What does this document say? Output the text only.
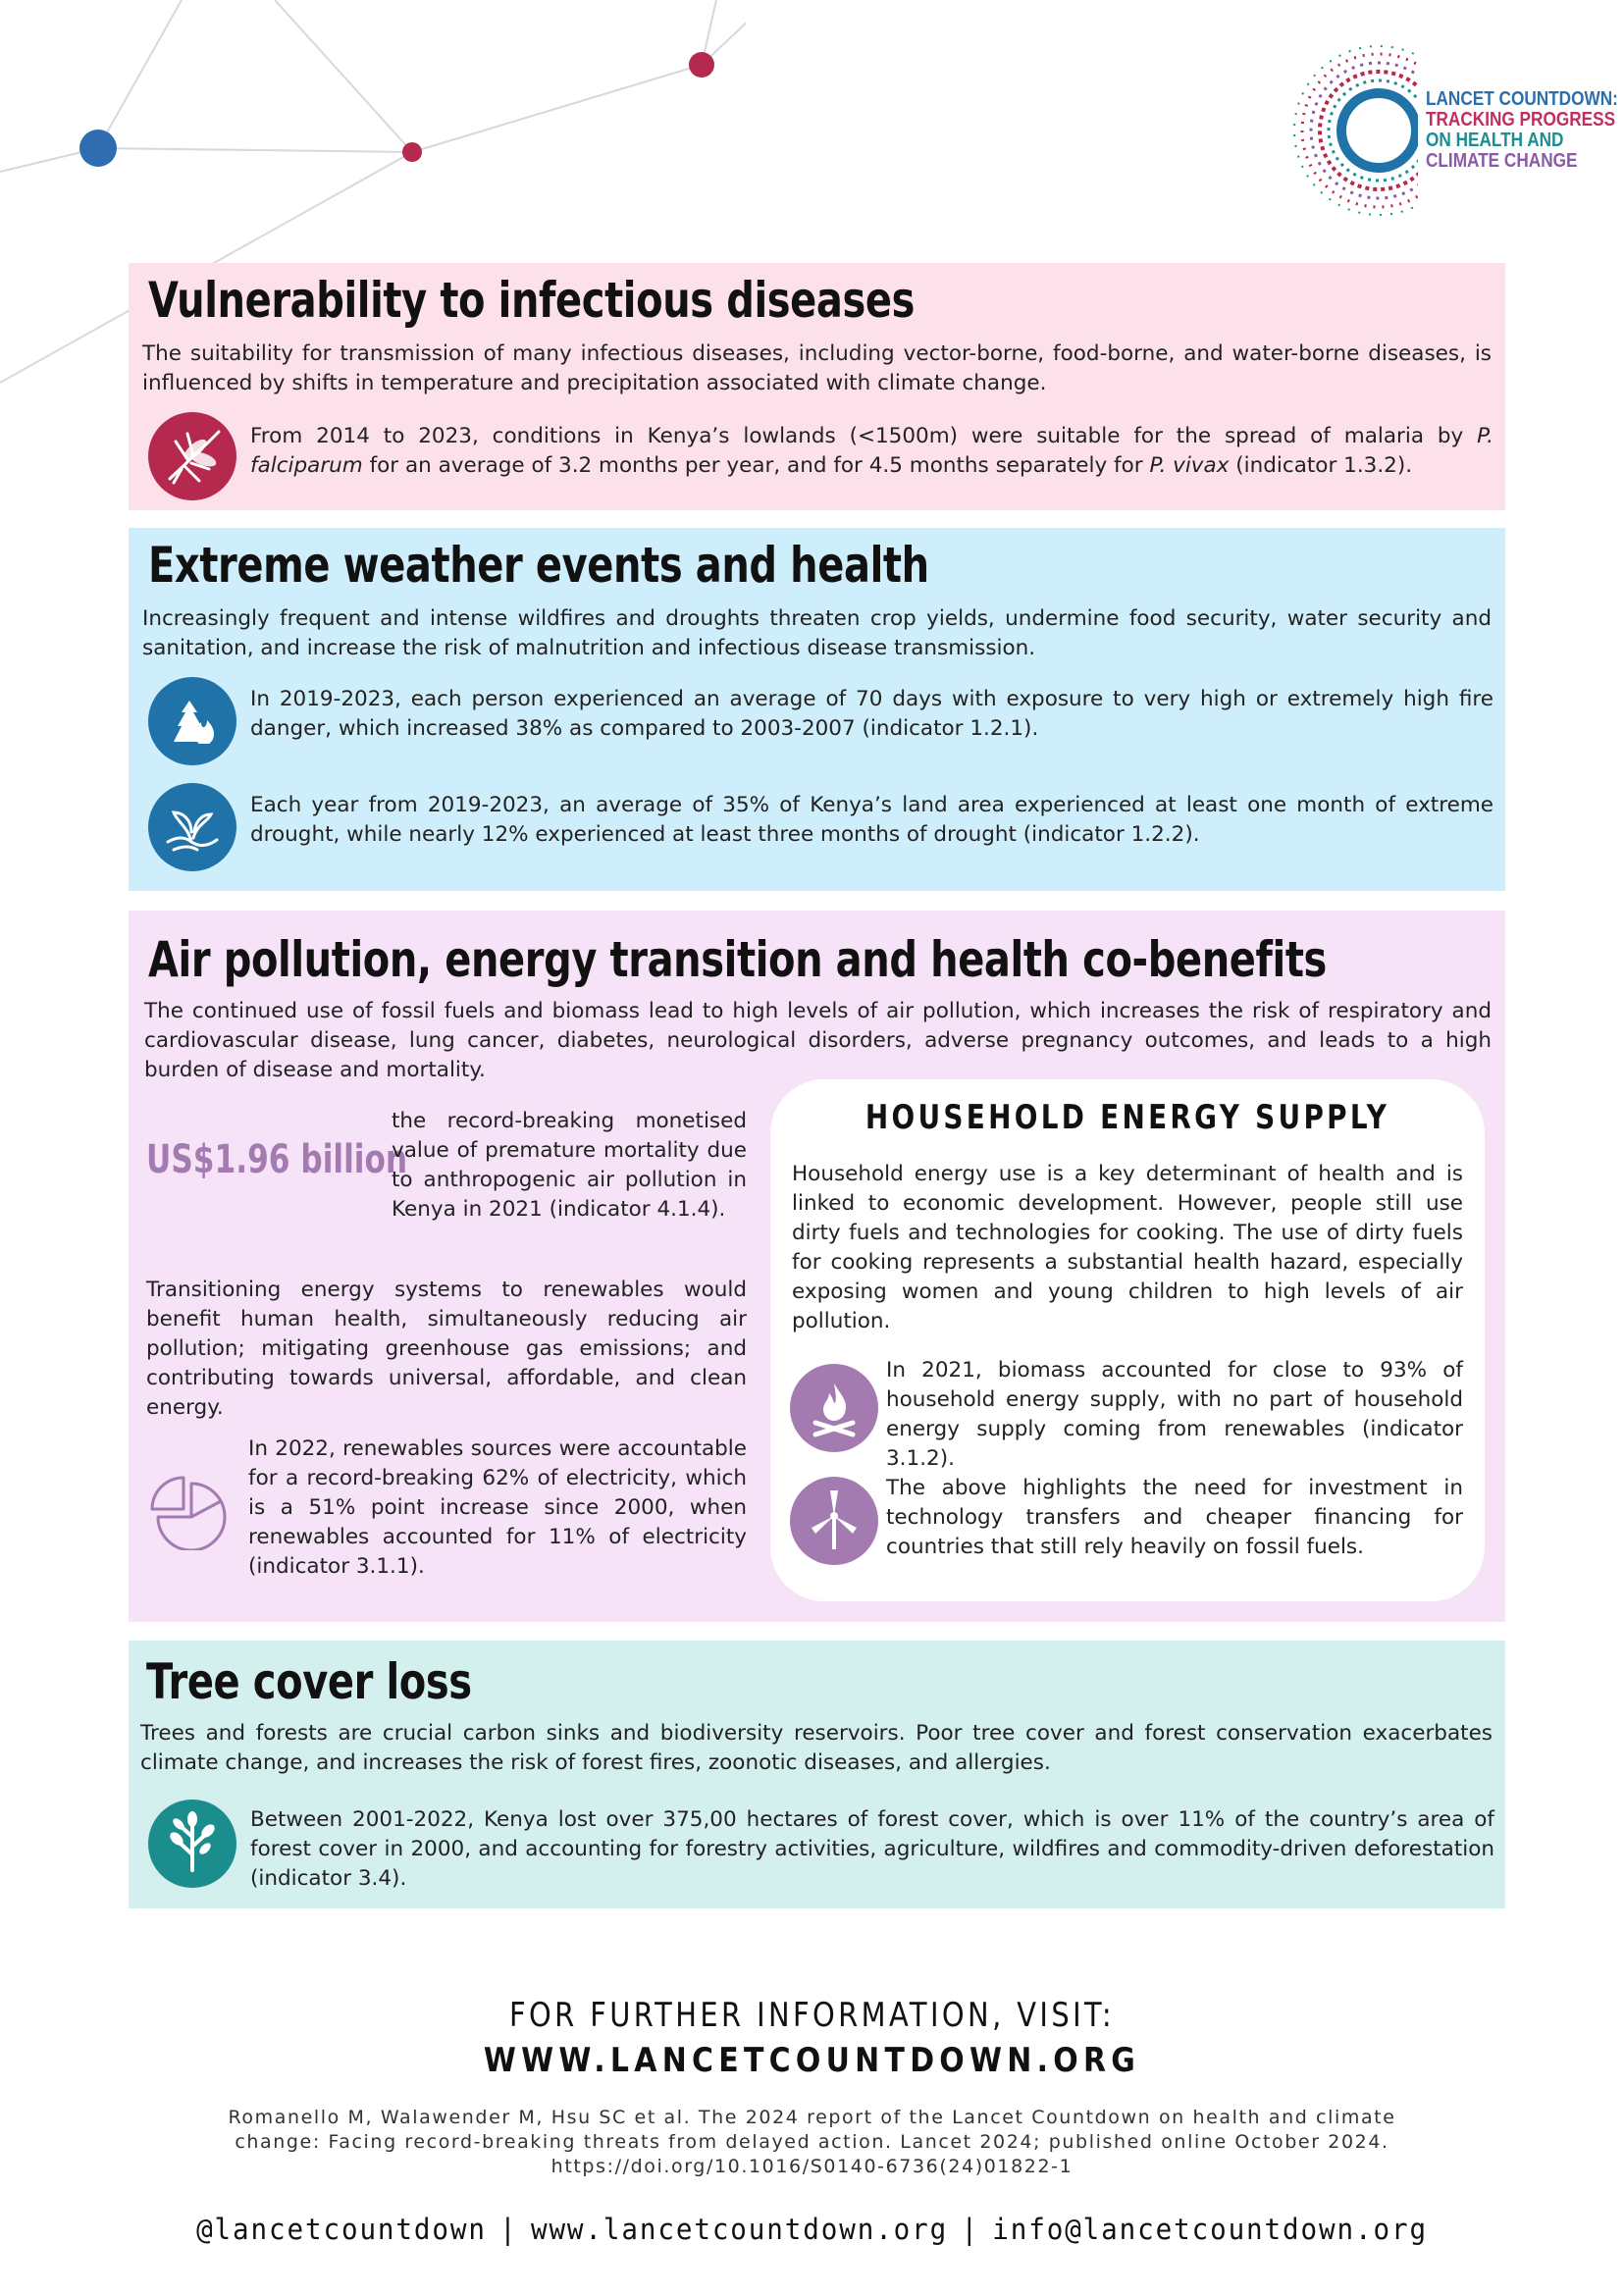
LANCET COUNTDOWN:
TRACKING PROGRESS
ON HEALTH AND
CLIMATE CHANGE
Vulnerability to infectious diseases
The suitability for transmission of many infectious diseases, including vector-borne, food-borne, and water-borne diseases, is influenced by shifts in temperature and precipitation associated with climate change.
From 2014 to 2023, conditions in Kenya’s lowlands (<1500m) were suitable for the spread of malaria by P. falciparum for an average of 3.2 months per year, and for 4.5 months separately for P. vivax (indicator 1.3.2).
Extreme weather events and health
Increasingly frequent and intense wildfires and droughts threaten crop yields, undermine food security, water security and sanitation, and increase the risk of malnutrition and infectious disease transmission.
In 2019-2023, each person experienced an average of 70 days with exposure to very high or extremely high fire danger, which increased 38% as compared to 2003-2007 (indicator 1.2.1).
Each year from 2019-2023, an average of 35% of Kenya’s land area experienced at least one month of extreme drought, while nearly 12% experienced at least three months of drought (indicator 1.2.2).
Air pollution, energy transition and health co-benefits
The continued use of fossil fuels and biomass lead to high levels of air pollution, which increases the risk of respiratory and cardiovascular disease, lung cancer, diabetes, neurological disorders, adverse pregnancy outcomes, and leads to a high burden of disease and mortality.
US$1.96 billion
the record-breaking monetised value of premature mortality due to anthropogenic air pollution in Kenya in 2021 (indicator 4.1.4).
Transitioning energy systems to renewables would benefit human health, simultaneously reducing air pollution; mitigating greenhouse gas emissions; and contributing towards universal, affordable, and clean energy.
In 2022, renewables sources were accountable for a record-breaking 62% of electricity, which is a 51% point increase since 2000, when renewables accounted for 11% of electricity (indicator 3.1.1).
HOUSEHOLD ENERGY SUPPLY
Household energy use is a key determinant of health and is linked to economic development. However, people still use dirty fuels and technologies for cooking. The use of dirty fuels for cooking represents a substantial health hazard, especially exposing women and young children to high levels of air pollution.
In 2021, biomass accounted for close to 93% of household energy supply, with no part of household energy supply coming from renewables (indicator 3.1.2).
The above highlights the need for investment in technology transfers and cheaper financing for countries that still rely heavily on fossil fuels.
Tree cover loss
Trees and forests are crucial carbon sinks and biodiversity reservoirs. Poor tree cover and forest conservation exacerbates climate change, and increases the risk of forest fires, zoonotic diseases, and allergies.
Between 2001-2022, Kenya lost over 375,00 hectares of forest cover, which is over 11% of the country’s area of forest cover in 2000, and accounting for forestry activities, agriculture, wildfires and commodity-driven deforestation (indicator 3.4).
FOR FURTHER INFORMATION, VISIT:
WWW.LANCETCOUNTDOWN.ORG
Romanello M, Walawender M, Hsu SC et al. The 2024 report of the Lancet Countdown on health and climate
change: Facing record-breaking threats from delayed action. Lancet 2024; published online October 2024.
https://doi.org/10.1016/S0140-6736(24)01822-1
@lancetcountdown | www.lancetcountdown.org | info@lancetcountdown.org
